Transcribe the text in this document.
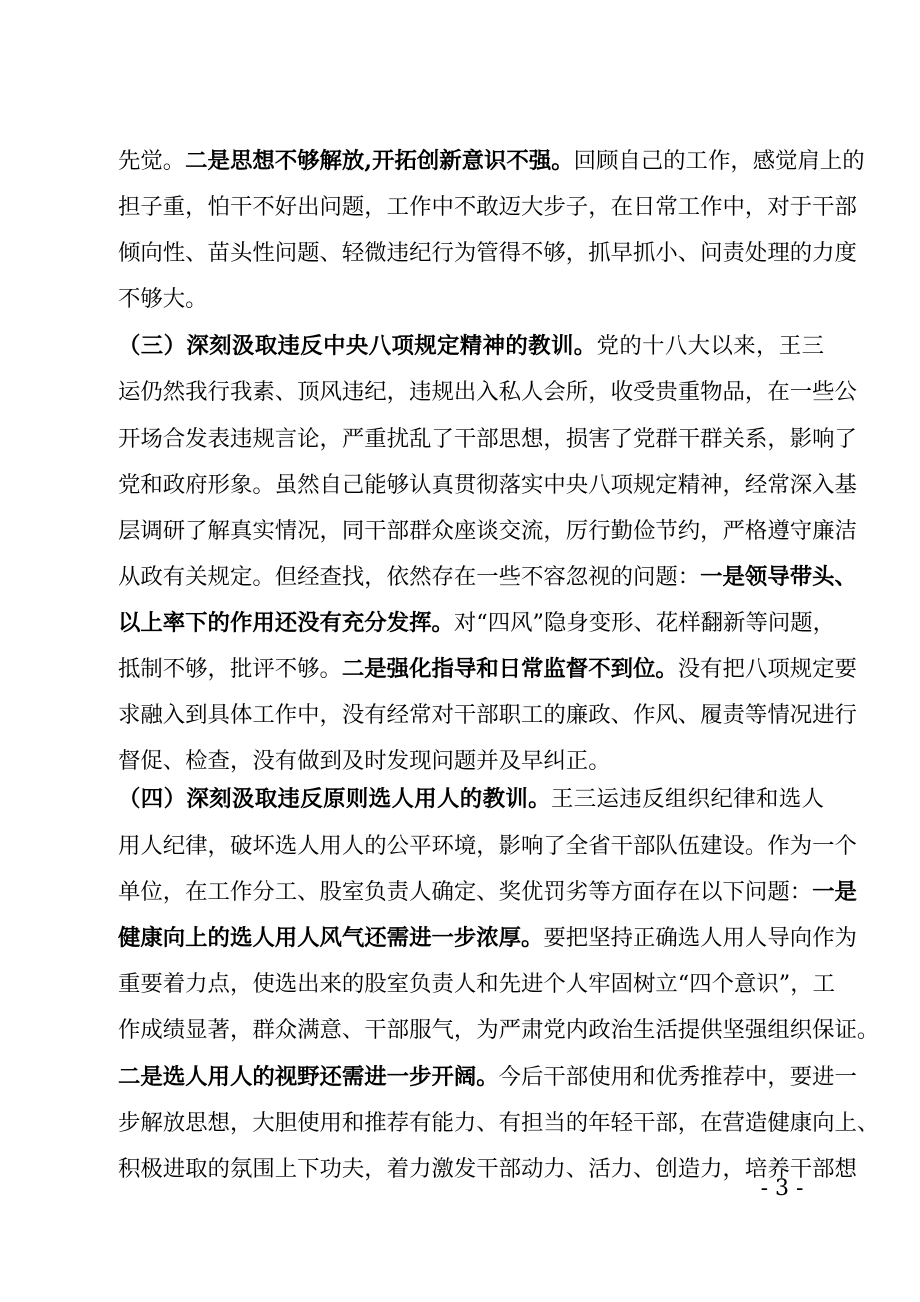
先觉。二是思想不够解放,开拓创新意识不强。回顾自己的工作，感觉肩上的
担子重，怕干不好出问题，工作中不敢迈大步子，在日常工作中，对于干部
倾向性、苗头性问题、轻微违纪行为管得不够，抓早抓小、问责处理的力度
不够大。
（三）深刻汲取违反中央八项规定精神的教训。党的十八大以来，王三
运仍然我行我素、顶风违纪，违规出入私人会所，收受贵重物品，在一些公
开场合发表违规言论，严重扰乱了干部思想，损害了党群干群关系，影响了
党和政府形象。虽然自己能够认真贯彻落实中央八项规定精神，经常深入基
层调研了解真实情况，同干部群众座谈交流，厉行勤俭节约，严格遵守廉洁
从政有关规定。但经查找，依然存在一些不容忽视的问题：一是领导带头、
以上率下的作用还没有充分发挥。对“四风”隐身变形、花样翻新等问题，
抵制不够，批评不够。二是强化指导和日常监督不到位。没有把八项规定要
求融入到具体工作中，没有经常对干部职工的廉政、作风、履责等情况进行
督促、检查，没有做到及时发现问题并及早纠正。
（四）深刻汲取违反原则选人用人的教训。王三运违反组织纪律和选人
用人纪律，破坏选人用人的公平环境，影响了全省干部队伍建设。作为一个
单位，在工作分工、股室负责人确定、奖优罚劣等方面存在以下问题：一是
健康向上的选人用人风气还需进一步浓厚。要把坚持正确选人用人导向作为
重要着力点，使选出来的股室负责人和先进个人牢固树立“四个意识”，工
作成绩显著，群众满意、干部服气，为严肃党内政治生活提供坚强组织保证。
二是选人用人的视野还需进一步开阔。今后干部使用和优秀推荐中，要进一
步解放思想，大胆使用和推荐有能力、有担当的年轻干部，在营造健康向上、
积极进取的氛围上下功夫，着力激发干部动力、活力、创造力，培养干部想
- 3 -
